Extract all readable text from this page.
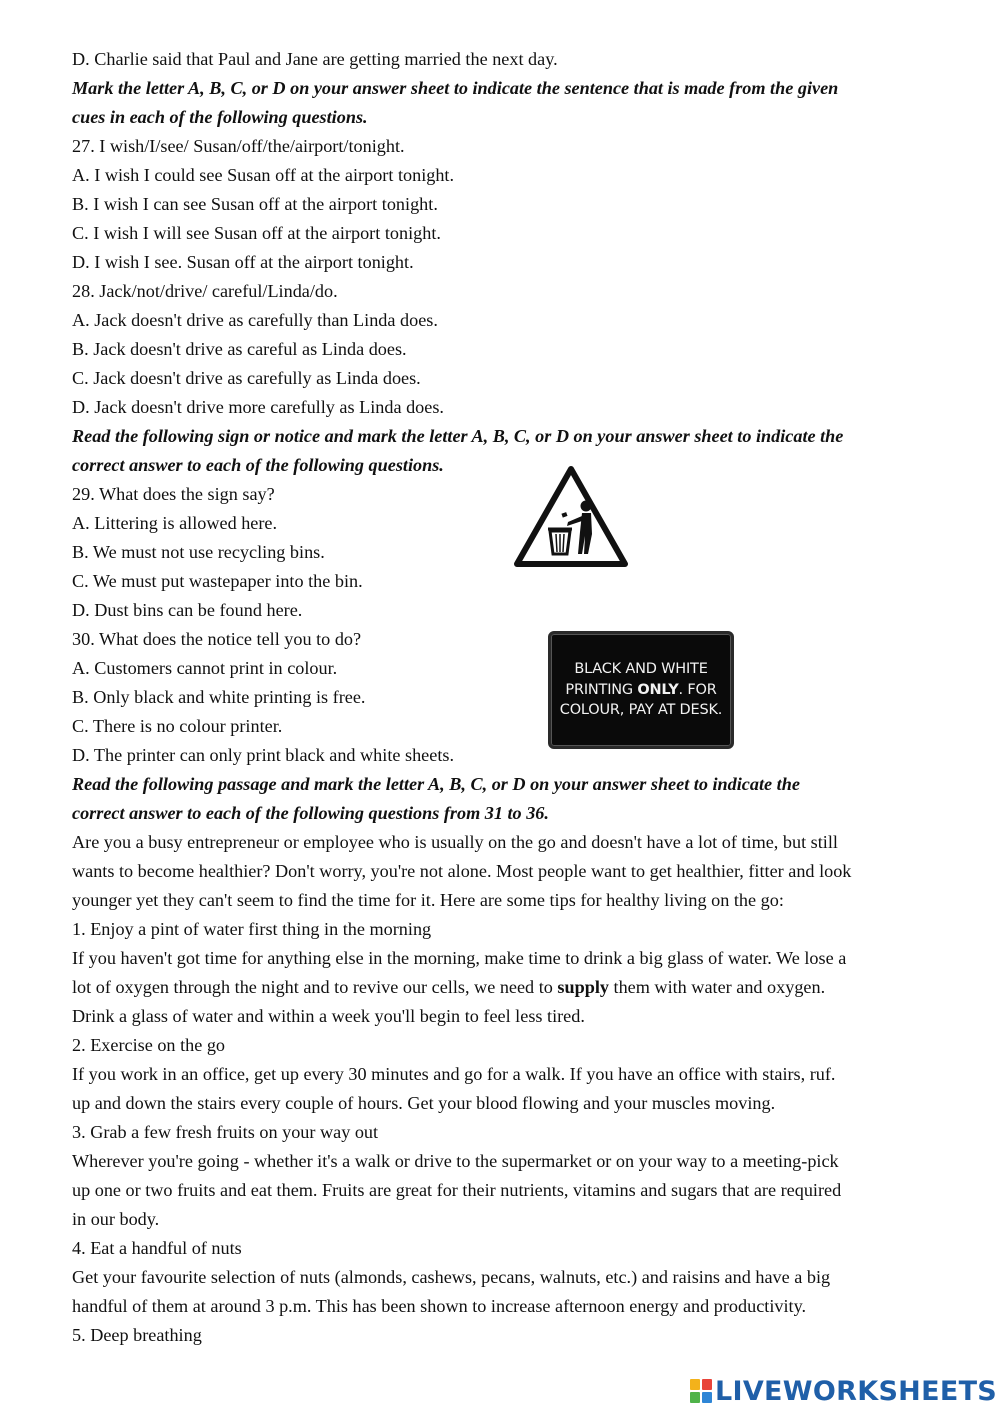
D. Charlie said that Paul and Jane are getting married the next day.
Mark the letter A, B, C, or D on your answer sheet to indicate the sentence that is made from the given
cues in each of the following questions.
27. I wish/I/see/ Susan/off/the/airport/tonight.
A. I wish I could see Susan off at the airport tonight.
B. I wish I can see Susan off at the airport tonight.
C. I wish I will see Susan off at the airport tonight.
D. I wish I see. Susan off at the airport tonight.
28. Jack/not/drive/ careful/Linda/do.
A. Jack doesn't drive as carefully than Linda does.
B. Jack doesn't drive as careful as Linda does.
C. Jack doesn't drive as carefully as Linda does.
D. Jack doesn't drive more carefully as Linda does.
Read the following sign or notice and mark the letter A, B, C, or D on your answer sheet to indicate the
correct answer to each of the following questions.
29. What does the sign say?
A. Littering is allowed here.
B. We must not use recycling bins.
C. We must put wastepaper into the bin.
D. Dust bins can be found here.
30. What does the notice tell you to do?
A. Customers cannot print in colour.
B. Only black and white printing is free.
C. There is no colour printer.
D. The printer can only print black and white sheets.
Read the following passage and mark the letter A, B, C, or D on your answer sheet to indicate the
correct answer to each of the following questions from 31 to 36.
Are you a busy entrepreneur or employee who is usually on the go and doesn't have a lot of time, but still
wants to become healthier? Don't worry, you're not alone. Most people want to get healthier, fitter and look
younger yet they can't seem to find the time for it. Here are some tips for healthy living on the go:
1. Enjoy a pint of water first thing in the morning
If you haven't got time for anything else in the morning, make time to drink a big glass of water. We lose a
lot of oxygen through the night and to revive our cells, we need to supply them with water and oxygen.
Drink a glass of water and within a week you'll begin to feel less tired.
2. Exercise on the go
If you work in an office, get up every 30 minutes and go for a walk. If you have an office with stairs, ruf.
up and down the stairs every couple of hours. Get your blood flowing and your muscles moving.
3. Grab a few fresh fruits on your way out
Wherever you're going - whether it's a walk or drive to the supermarket or on your way to a meeting-pick
up one or two fruits and eat them. Fruits are great for their nutrients, vitamins and sugars that are required
in our body.
4. Eat a handful of nuts
Get your favourite selection of nuts (almonds, cashews, pecans, walnuts, etc.) and raisins and have a big
handful of them at around 3 p.m. This has been shown to increase afternoon energy and productivity.
5. Deep breathing
BLACK AND WHITE
PRINTING ONLY. FOR
COLOUR, PAY AT DESK.
LIVEWORKSHEETS
